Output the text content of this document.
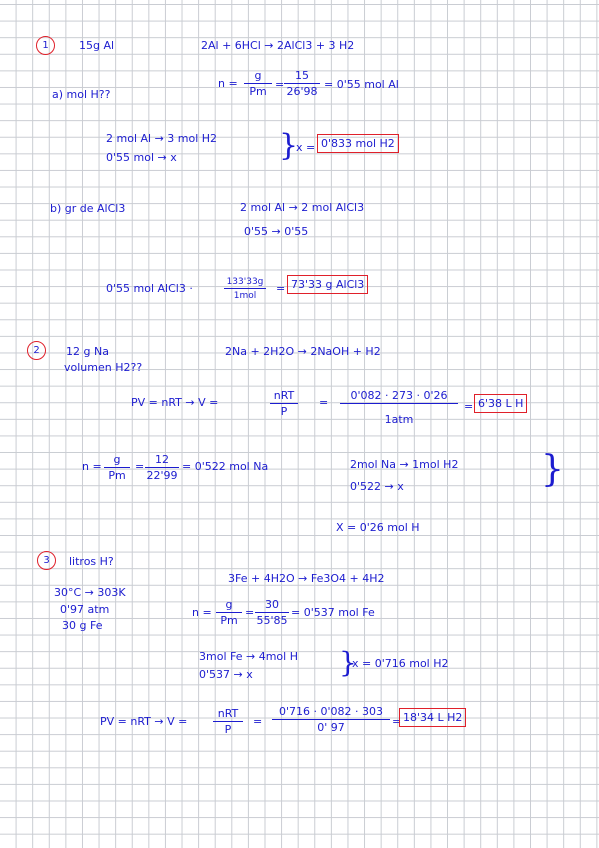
1	15g Al	2Al + 6HCl → 2AlCl3 + 3 H2
a) mol H??
$n = \frac{g}{Pm} = \frac{15}{26'98} = 0'55$ mol Al
2 mol Al → 3 mol H2
0'55 mol → x	}
x = 0'833 mol H2
b) gr de AlCl3	2 mol Al → 2 mol AlCl3
0'55 → 0'55
0'55 mol AlCl3 ·	133'33g
1mol
= 73'33 g AlCl3
2	12 g Na
volumen H2??
2Na + 2H2O → 2NaOH + H2
PV = nRT → V =
nRT
P
=
0'082 · 273 · 0'26
1atm
= 6'38 L H
$n = \frac{g}{Pm} = \frac{12}{22'99} = 0'522$ mol Na	2mol Na → 1mol H2
0'522 → x	}
X = 0'26 mol H
3	litros H?
3Fe + 4H2O → Fe3O4 + 4H2
30°C → 303K
0'97 atm
30 g Fe
$n = \frac{g}{Pm} = \frac{30}{55'85} = 0'537$ mol Fe
3mol Fe → 4mol H
0'537 → x	}
x = 0'716 mol H2
PV = nRT → V =
nRT
P
= $\frac{0'716 \cdot 0'082 \cdot 303}{0' 97} = 18'34$ L H2
